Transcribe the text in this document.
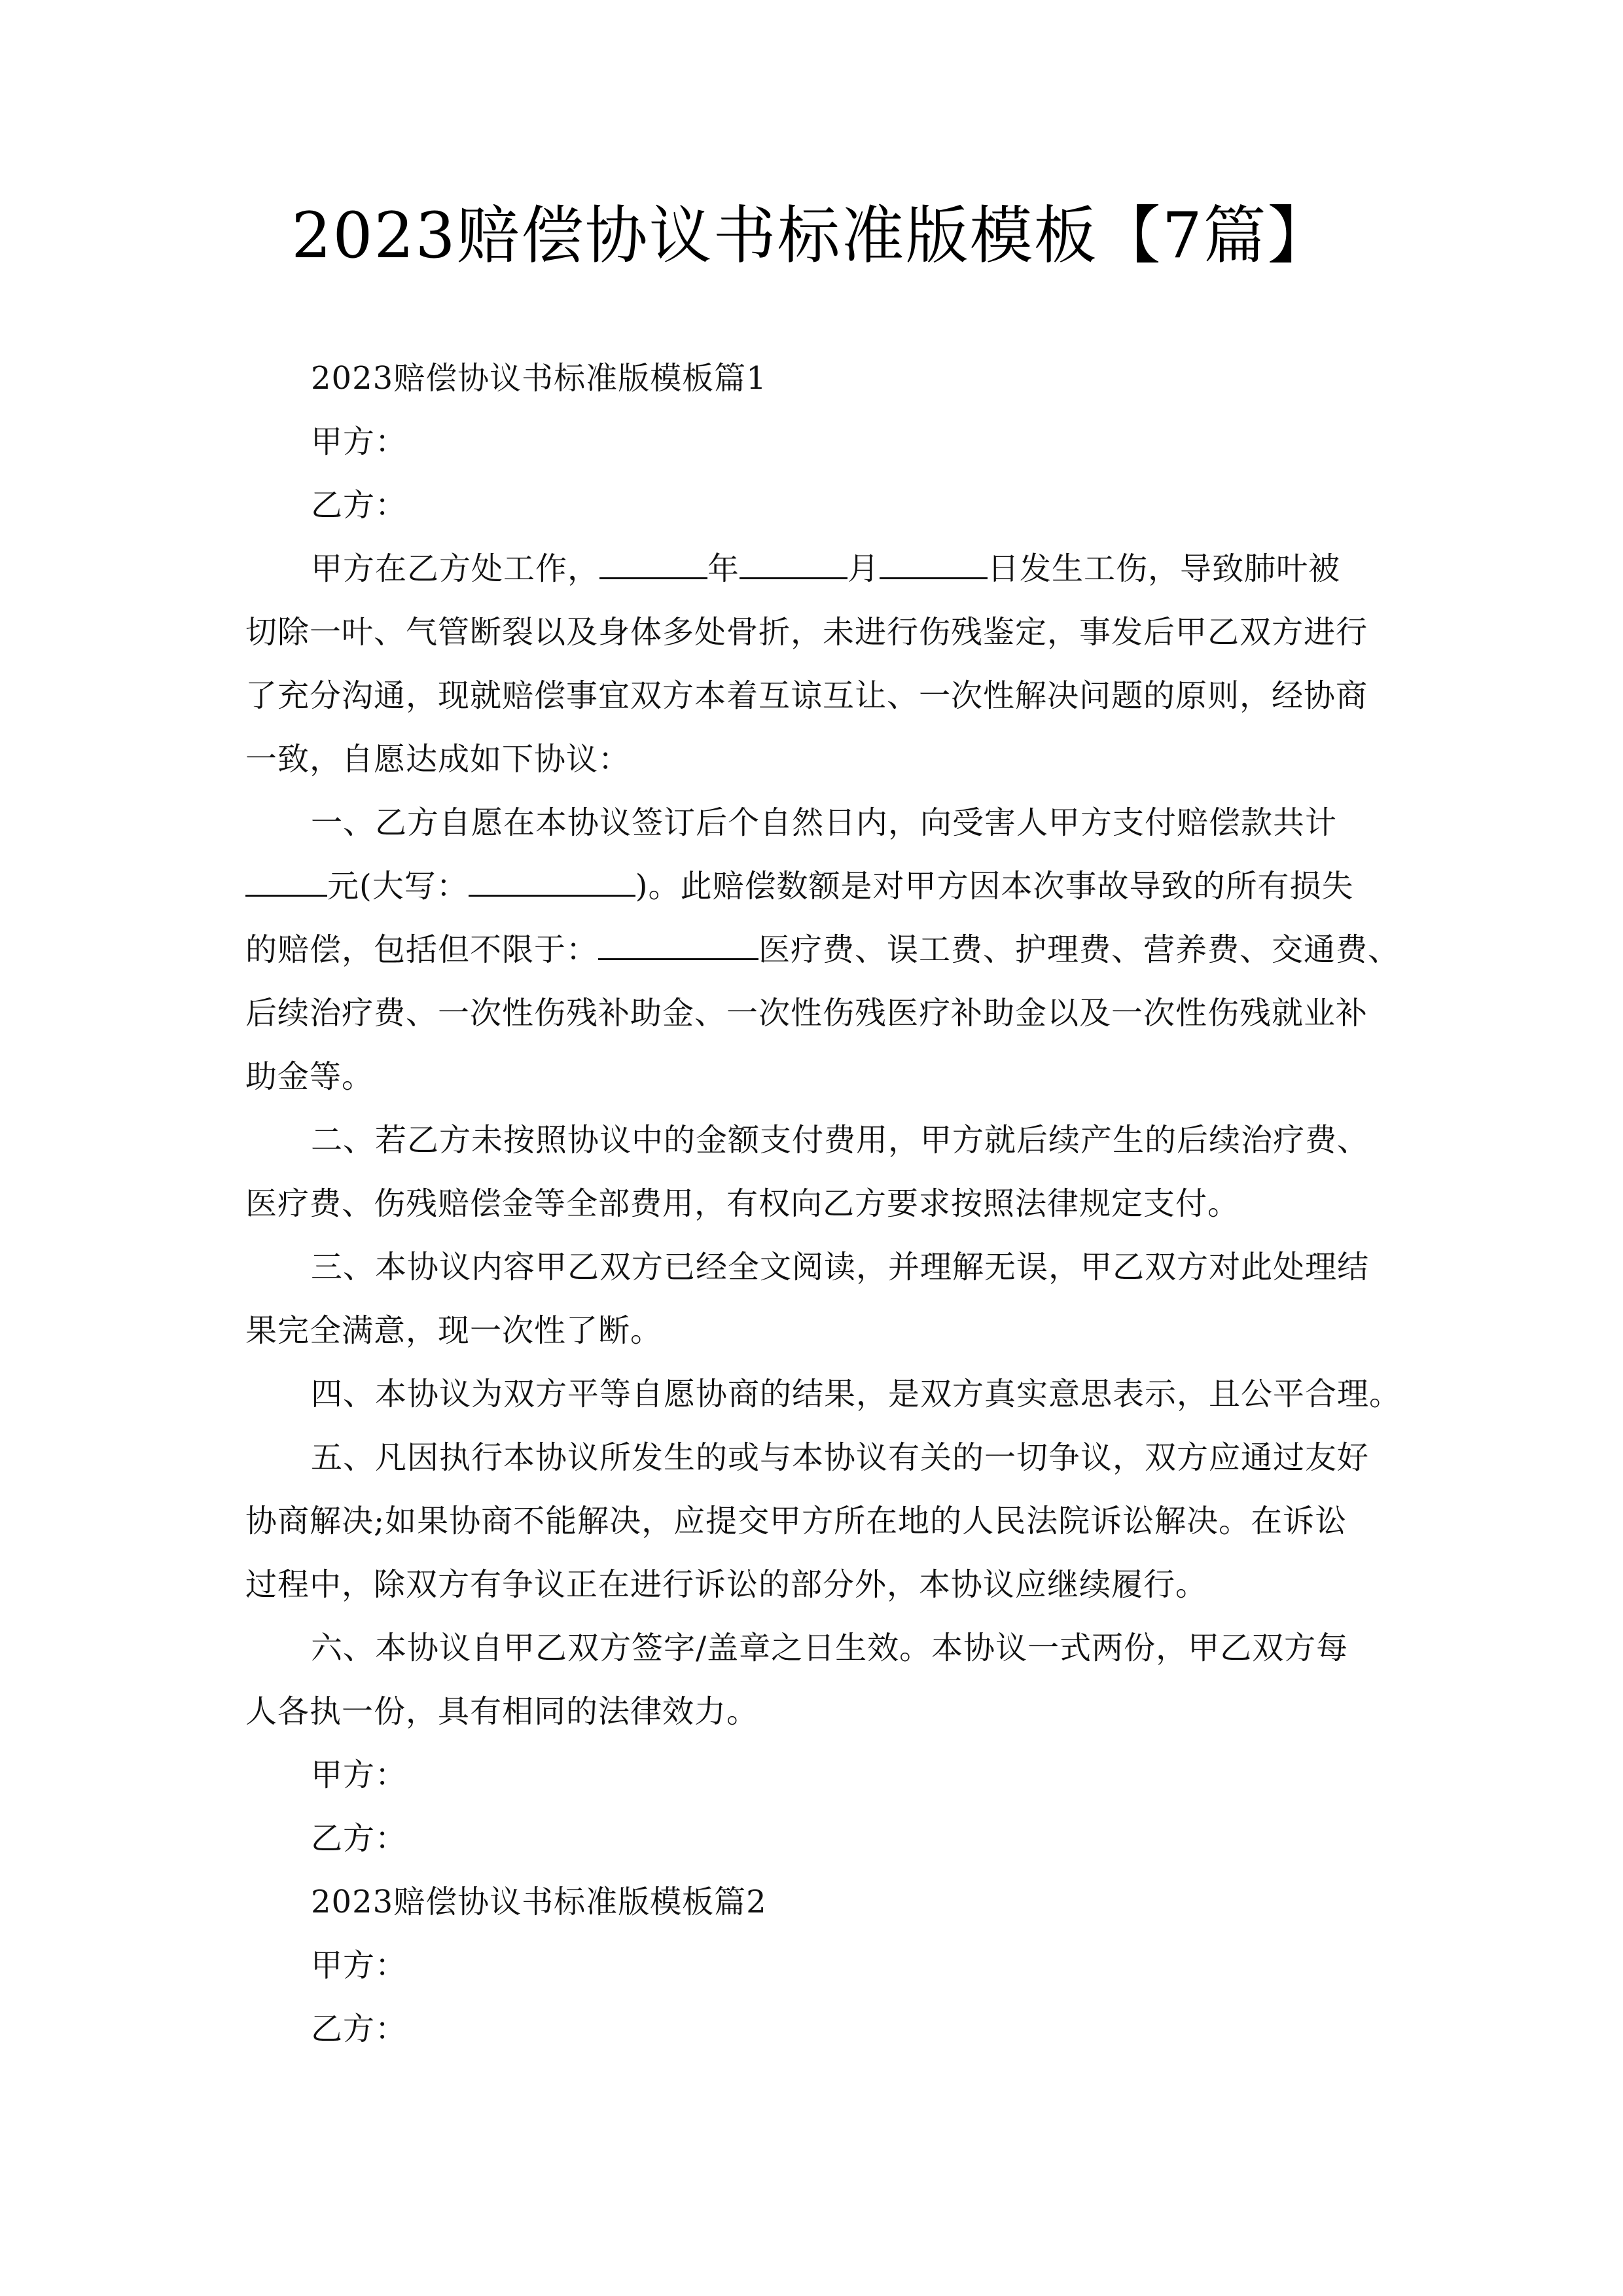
2023赔偿协议书标准版模板【7篇】
2023赔偿协议书标准版模板篇1
甲方：
乙方：
甲方在乙方处工作，	年	月	日发生工伤，导致肺叶被
切除一叶、气管断裂以及身体多处骨折，未进行伤残鉴定，事发后甲乙双方进行
了充分沟通，现就赔偿事宜双方本着互谅互让、一次性解决问题的原则，经协商
一致，自愿达成如下协议：
一、乙方自愿在本协议签订后个自然日内，向受害人甲方支付赔偿款共计
元(大写：	)。此赔偿数额是对甲方因本次事故导致的所有损失
的赔偿，包括但不限于：	医疗费、误工费、护理费、营养费、交通费、
后续治疗费、一次性伤残补助金、一次性伤残医疗补助金以及一次性伤残就业补
助金等。
二、若乙方未按照协议中的金额支付费用，甲方就后续产生的后续治疗费、
医疗费、伤残赔偿金等全部费用，有权向乙方要求按照法律规定支付。
三、本协议内容甲乙双方已经全文阅读，并理解无误，甲乙双方对此处理结
果完全满意，现一次性了断。
四、本协议为双方平等自愿协商的结果，是双方真实意思表示，且公平合理。
五、凡因执行本协议所发生的或与本协议有关的一切争议，双方应通过友好
协商解决;如果协商不能解决，应提交甲方所在地的人民法院诉讼解决。在诉讼
过程中，除双方有争议正在进行诉讼的部分外，本协议应继续履行。
六、本协议自甲乙双方签字/盖章之日生效。本协议一式两份，甲乙双方每
人各执一份，具有相同的法律效力。
甲方：
乙方：
2023赔偿协议书标准版模板篇2
甲方：
乙方：
